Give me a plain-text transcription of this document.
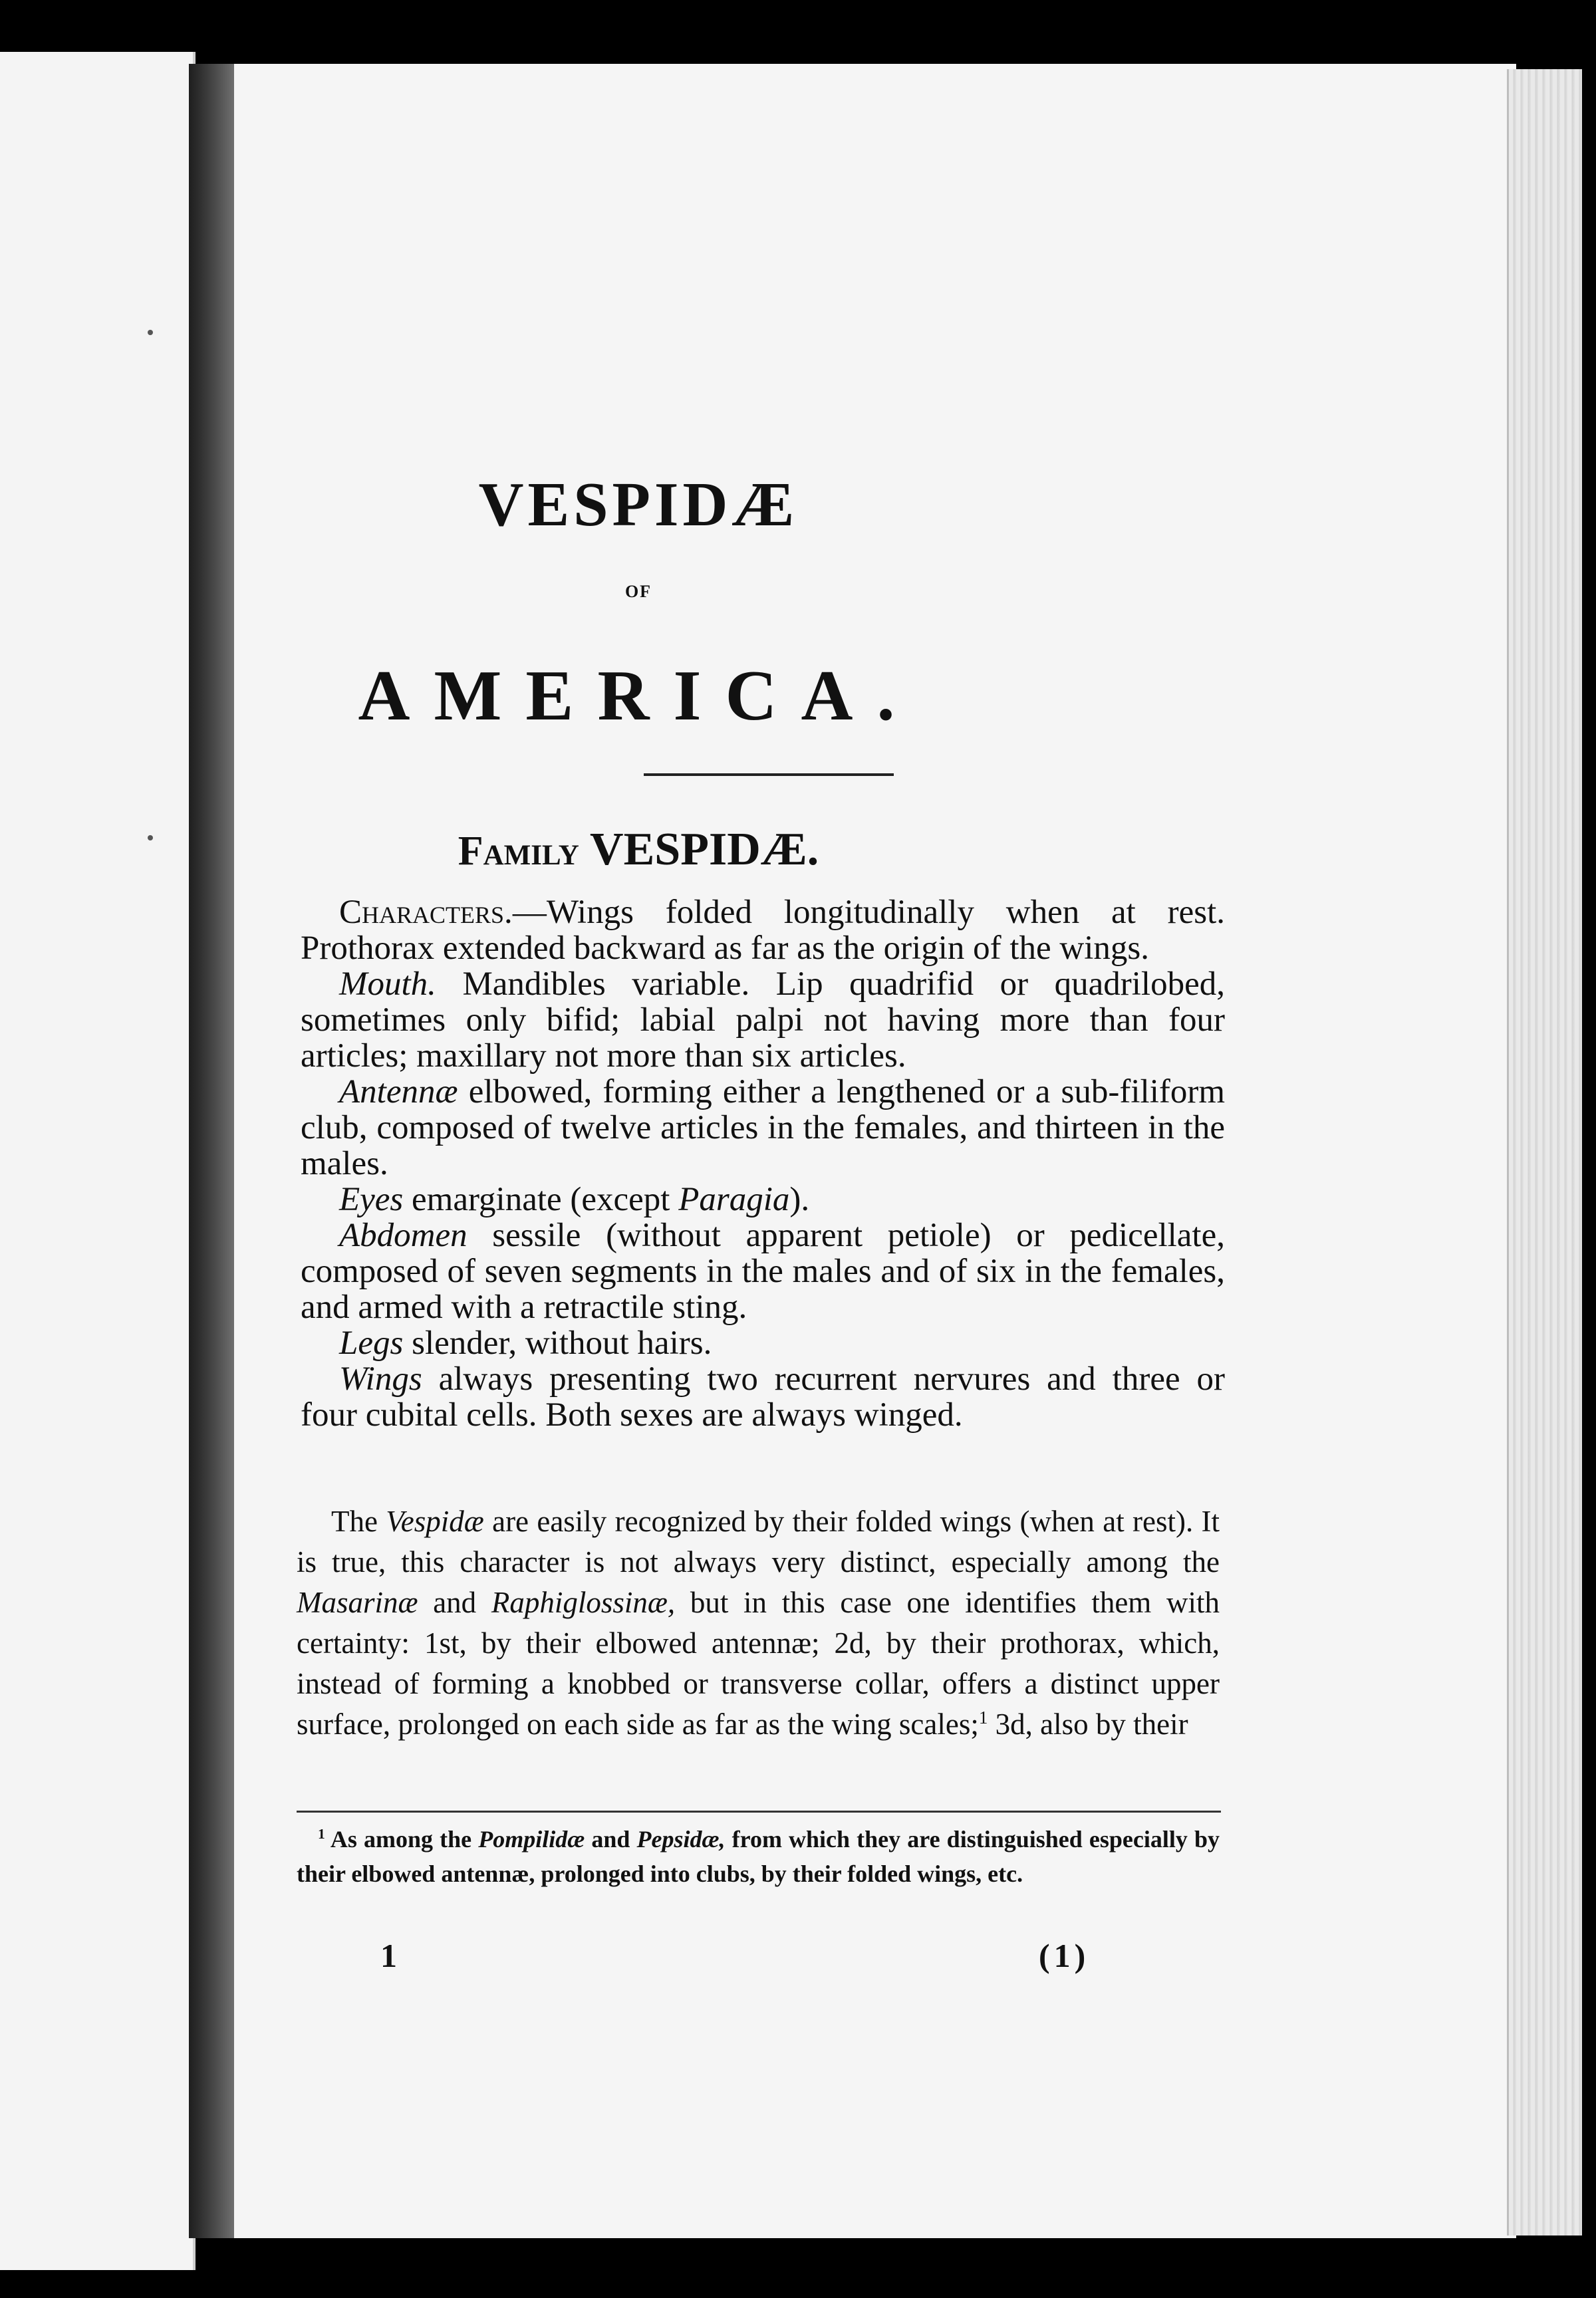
VESPIDÆ
OF
AMERICA.
Family VESPIDÆ.

Characters.—Wings folded longitudinally when at rest. Prothorax extended backward as far as the origin of the wings.

Mouth. Mandibles variable. Lip quadrifid or quadrilobed, sometimes only bifid; labial palpi not having more than four articles; maxillary not more than six articles.

Antennæ elbowed, forming either a lengthened or a sub-filiform club, composed of twelve articles in the females, and thirteen in the males.

Eyes emarginate (except Paragia).

Abdomen sessile (without apparent petiole) or pedicellate, composed of seven segments in the males and of six in the females, and armed with a retractile sting.

Legs slender, without hairs.

Wings always presenting two recurrent nervures and three or four cubital cells. Both sexes are always winged.

The Vespidæ are easily recognized by their folded wings (when at rest). It is true, this character is not always very distinct, especially among the Masarinæ and Raphiglossinæ, but in this case one identifies them with certainty: 1st, by their elbowed antennæ; 2d, by their prothorax, which, instead of forming a knobbed or transverse collar, offers a distinct upper surface, prolonged on each side as far as the wing scales;$^1$ 3d, also by their

$^1$ As among the Pompilidæ and Pepsidæ, from which they are distinguished especially by their elbowed antennæ, prolonged into clubs, by their folded wings, etc.

1	(1)
